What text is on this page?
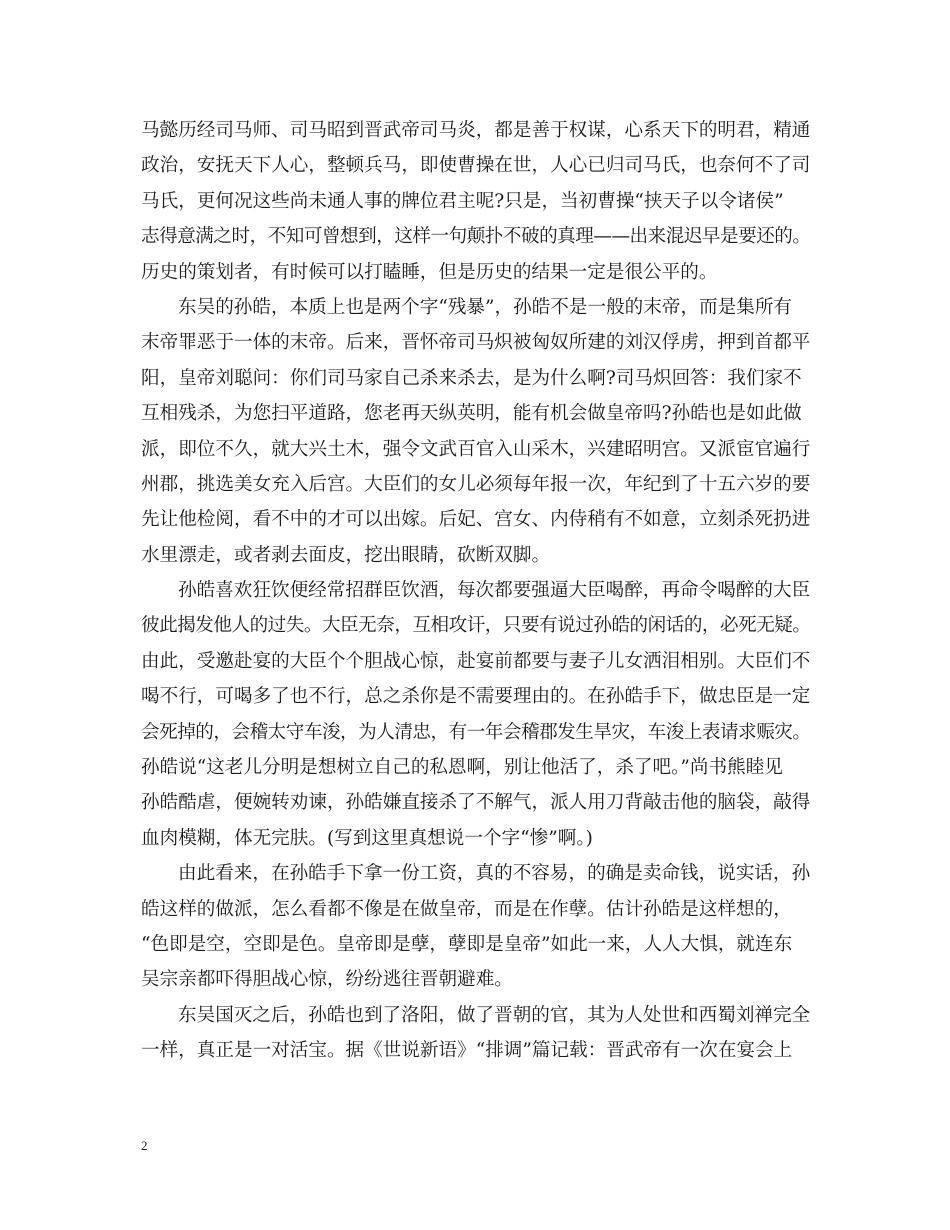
马懿历经司马师、司马昭到晋武帝司马炎，都是善于权谋，心系天下的明君，精通
政治，安抚天下人心，整顿兵马，即使曹操在世，人心已归司马氏，也奈何不了司
马氏，更何况这些尚未通人事的牌位君主呢?只是，当初曹操“挟天子以令诸侯”
志得意满之时，不知可曾想到，这样一句颠扑不破的真理——出来混迟早是要还的。
历史的策划者，有时候可以打瞌睡，但是历史的结果一定是很公平的。
东吴的孙皓，本质上也是两个字“残暴”，孙皓不是一般的末帝，而是集所有
末帝罪恶于一体的末帝。后来，晋怀帝司马炽被匈奴所建的刘汉俘虏，押到首都平
阳，皇帝刘聪问：你们司马家自己杀来杀去，是为什么啊?司马炽回答：我们家不
互相残杀，为您扫平道路，您老再天纵英明，能有机会做皇帝吗?孙皓也是如此做
派，即位不久，就大兴土木，强令文武百官入山采木，兴建昭明宫。又派宦官遍行
州郡，挑选美女充入后宫。大臣们的女儿必须每年报一次，年纪到了十五六岁的要
先让他检阅，看不中的才可以出嫁。后妃、宫女、内侍稍有不如意，立刻杀死扔进
水里漂走，或者剥去面皮，挖出眼睛，砍断双脚。
孙皓喜欢狂饮便经常招群臣饮酒，每次都要强逼大臣喝醉，再命令喝醉的大臣
彼此揭发他人的过失。大臣无奈，互相攻讦，只要有说过孙皓的闲话的，必死无疑。
由此，受邀赴宴的大臣个个胆战心惊，赴宴前都要与妻子儿女洒泪相别。大臣们不
喝不行，可喝多了也不行，总之杀你是不需要理由的。在孙皓手下，做忠臣是一定
会死掉的，会稽太守车浚，为人清忠，有一年会稽郡发生旱灾，车浚上表请求赈灾。
孙皓说“这老儿分明是想树立自己的私恩啊，别让他活了，杀了吧。”尚书熊睦见
孙皓酷虐，便婉转劝谏，孙皓嫌直接杀了不解气，派人用刀背敲击他的脑袋，敲得
血肉模糊，体无完肤。(写到这里真想说一个字“惨”啊。)
由此看来，在孙皓手下拿一份工资，真的不容易，的确是卖命钱，说实话，孙
皓这样的做派，怎么看都不像是在做皇帝，而是在作孽。估计孙皓是这样想的，
“色即是空，空即是色。皇帝即是孽，孽即是皇帝”如此一来，人人大惧，就连东
吴宗亲都吓得胆战心惊，纷纷逃往晋朝避难。
东吴国灭之后，孙皓也到了洛阳，做了晋朝的官，其为人处世和西蜀刘禅完全
一样，真正是一对活宝。据《世说新语》“排调”篇记载：晋武帝有一次在宴会上
2
